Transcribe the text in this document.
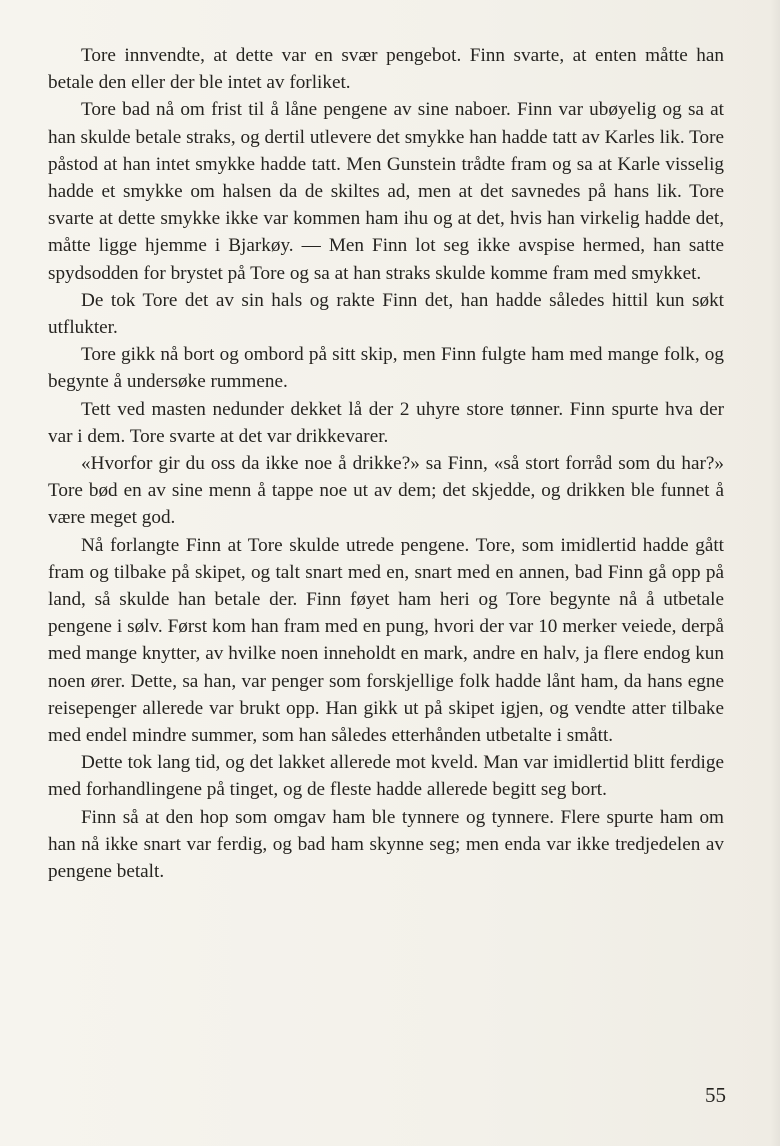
Tore innvendte, at dette var en svær pengebot. Finn svarte, at enten måtte han betale den eller der ble intet av forliket.

Tore bad nå om frist til å låne pengene av sine naboer. Finn var ubøyelig og sa at han skulde betale straks, og dertil utlevere det smykke han hadde tatt av Karles lik. Tore påstod at han intet smykke hadde tatt. Men Gunstein trådte fram og sa at Karle visselig hadde et smykke om halsen da de skiltes ad, men at det savnedes på hans lik. Tore svarte at dette smykke ikke var kommen ham ihu og at det, hvis han virkelig hadde det, måtte ligge hjemme i Bjarkøy. — Men Finn lot seg ikke avspise hermed, han satte spydsodden for brystet på Tore og sa at han straks skulde komme fram med smykket.

De tok Tore det av sin hals og rakte Finn det, han hadde således hittil kun søkt utflukter.

Tore gikk nå bort og ombord på sitt skip, men Finn fulgte ham med mange folk, og begynte å undersøke rummene.

Tett ved masten nedunder dekket lå der 2 uhyre store tønner. Finn spurte hva der var i dem. Tore svarte at det var drikkevarer.

«Hvorfor gir du oss da ikke noe å drikke?» sa Finn, «så stort forråd som du har?» Tore bød en av sine menn å tappe noe ut av dem; det skjedde, og drikken ble funnet å være meget god.

Nå forlangte Finn at Tore skulde utrede pengene. Tore, som imidlertid hadde gått fram og tilbake på skipet, og talt snart med en, snart med en annen, bad Finn gå opp på land, så skulde han betale der. Finn føyet ham heri og Tore begynte nå å utbetale pengene i sølv. Først kom han fram med en pung, hvori der var 10 merker veiede, derpå med mange knytter, av hvilke noen inneholdt en mark, andre en halv, ja flere endog kun noen ører. Dette, sa han, var penger som forskjellige folk hadde lånt ham, da hans egne reisepenger allerede var brukt opp. Han gikk ut på skipet igjen, og vendte atter tilbake med endel mindre summer, som han således etterhånden utbetalte i smått.

Dette tok lang tid, og det lakket allerede mot kveld. Man var imidlertid blitt ferdige med forhandlingene på tinget, og de fleste hadde allerede begitt seg bort.

Finn så at den hop som omgav ham ble tynnere og tynnere. Flere spurte ham om han nå ikke snart var ferdig, og bad ham skynne seg; men enda var ikke tredjedelen av pengene betalt.

55
